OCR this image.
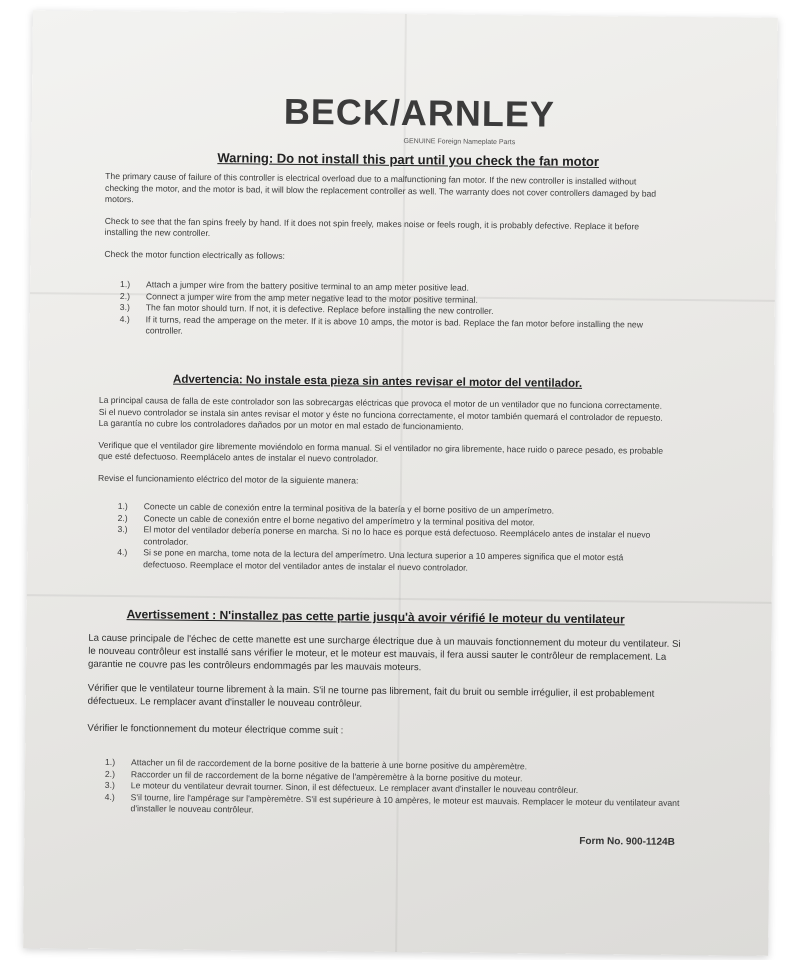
BECK/ARNLEY
GENUINE Foreign Nameplate Parts
Warning: Do not install this part until you check the fan motor

The primary cause of failure of this controller is electrical overload due to a malfunctioning fan motor. If the new controller is installed without checking the motor, and the motor is bad, it will blow the replacement controller as well. The warranty does not cover controllers damaged by bad motors.

Check to see that the fan spins freely by hand. If it does not spin freely, makes noise or feels rough, it is probably defective. Replace it before installing the new controller.

Check the motor function electrically as follows:

1.)	Attach a jumper wire from the battery positive terminal to an amp meter positive lead.
2.)	Connect a jumper wire from the amp meter negative lead to the motor positive terminal.
3.)	The fan motor should turn. If not, it is defective. Replace before installing the new controller.
4.)	If it turns, read the amperage on the meter. If it is above 10 amps, the motor is bad. Replace the fan motor before installing the new controller.
Advertencia: No instale esta pieza sin antes revisar el motor del ventilador.

La principal causa de falla de este controlador son las sobrecargas eléctricas que provoca el motor de un ventilador que no funciona correctamente. Si el nuevo controlador se instala sin antes revisar el motor y éste no funciona correctamente, el motor también quemará el controlador de repuesto. La garantía no cubre los controladores dañados por un motor en mal estado de funcionamiento.

Verifique que el ventilador gire libremente moviéndolo en forma manual. Si el ventilador no gira libremente, hace ruido o parece pesado, es probable que esté defectuoso. Reemplácelo antes de instalar el nuevo controlador.

Revise el funcionamiento eléctrico del motor de la siguiente manera:

1.)	Conecte un cable de conexión entre la terminal positiva de la batería y el borne positivo de un amperímetro.
2.)	Conecte un cable de conexión entre el borne negativo del amperímetro y la terminal positiva del motor.
3.)	El motor del ventilador debería ponerse en marcha. Si no lo hace es porque está defectuoso. Reemplácelo antes de instalar el nuevo controlador.
4.)	Si se pone en marcha, tome nota de la lectura del amperímetro. Una lectura superior a 10 amperes significa que el motor está defectuoso. Reemplace el motor del ventilador antes de instalar el nuevo controlador.
Avertissement : N'installez pas cette partie jusqu'à avoir vérifié le moteur du ventilateur

La cause principale de l'échec de cette manette est une surcharge électrique due à un mauvais fonctionnement du moteur du ventilateur. Si le nouveau contrôleur est installé sans vérifier le moteur, et le moteur est mauvais, il fera aussi sauter le contrôleur de remplacement. La garantie ne couvre pas les contrôleurs endommagés par les mauvais moteurs.

Vérifier que le ventilateur tourne librement à la main. S'il ne tourne pas librement, fait du bruit ou semble irrégulier, il est probablement défectueux. Le remplacer avant d'installer le nouveau contrôleur.

Vérifier le fonctionnement du moteur électrique comme suit :

1.)	Attacher un fil de raccordement de la borne positive de la batterie à une borne positive du ampèremètre.
2.)	Raccorder un fil de raccordement de la borne négative de l'ampèremètre à la borne positive du moteur.
3.)	Le moteur du ventilateur devrait tourner. Sinon, il est défectueux. Le remplacer avant d'installer le nouveau contrôleur.
4.)	S'il tourne, lire l'ampérage sur l'ampèremètre. S'il est supérieure à 10 ampères, le moteur est mauvais. Remplacer le moteur du ventilateur avant d'installer le nouveau contrôleur.
Form No. 900-1124B
